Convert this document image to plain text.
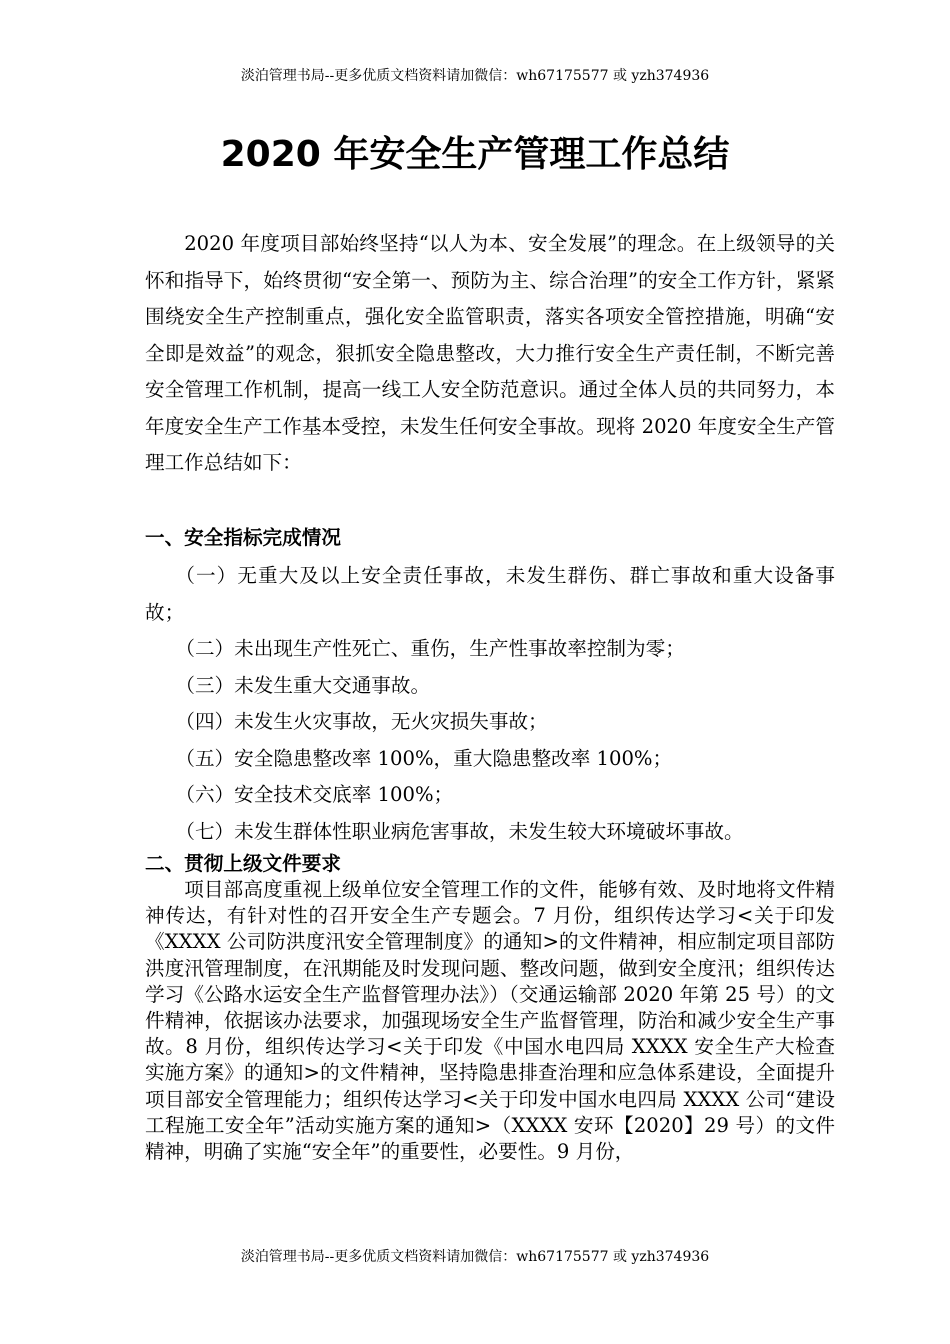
淡泊管理书局--更多优质文档资料请加微信：wh67175577 或 yzh374936
2020 年安全生产管理工作总结

2020 年度项目部始终坚持“以人为本、安全发展”的理念。在上级领导的关怀和指导下，始终贯彻“安全第一、预防为主、综合治理”的安全工作方针，紧紧围绕安全生产控制重点，强化安全监管职责，落实各项安全管控措施，明确“安全即是效益”的观念，狠抓安全隐患整改，大力推行安全生产责任制，不断完善安全管理工作机制，提高一线工人安全防范意识。通过全体人员的共同努力，本年度安全生产工作基本受控，未发生任何安全事故。现将 2020 年度安全生产管理工作总结如下：

一、安全指标完成情况
（一）无重大及以上安全责任事故，未发生群伤、群亡事故和重大设备事故；
（二）未出现生产性死亡、重伤，生产性事故率控制为零；
（三）未发生重大交通事故。
（四）未发生火灾事故，无火灾损失事故；
（五）安全隐患整改率 100%，重大隐患整改率 100%；
（六）安全技术交底率 100%；
（七）未发生群体性职业病危害事故，未发生较大环境破坏事故。
二、贯彻上级文件要求

项目部高度重视上级单位安全管理工作的文件，能够有效、及时地将文件精神传达，有针对性的召开安全生产专题会。7 月份，组织传达学习<关于印发《XXXX 公司防洪度汛安全管理制度》的通知>的文件精神，相应制定项目部防洪度汛管理制度，在汛期能及时发现问题、整改问题，做到安全度汛；组织传达学习《公路水运安全生产监督管理办法》）（交通运输部 2020 年第 25 号）的文件精神，依据该办法要求，加强现场安全生产监督管理，防治和减少安全生产事故。8 月份，组织传达学习<关于印发《中国水电四局 XXXX 安全生产大检查实施方案》的通知>的文件精神，坚持隐患排查治理和应急体系建设，全面提升项目部安全管理能力；组织传达学习<关于印发中国水电四局 XXXX 公司“建设工程施工安全年”活动实施方案的通知>（XXXX 安环【2020】29 号）的文件精神，明确了实施“安全年”的重要性，必要性。9 月份，

淡泊管理书局--更多优质文档资料请加微信：wh67175577 或 yzh374936
